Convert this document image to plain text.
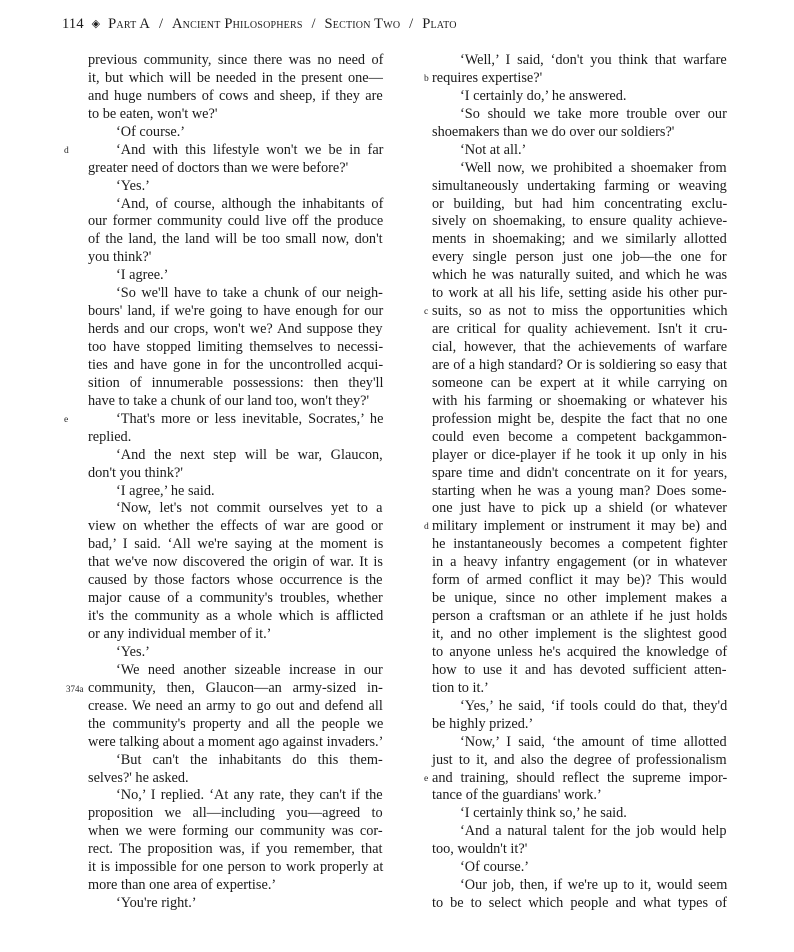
114 ◈ Part A / Ancient Philosophers / Section Two / Plato
previous community, since there was no need of
it, but which will be needed in the present one—
and huge numbers of cows and sheep, if they are
to be eaten, won't we?'
‘Of course.’
d	‘And with this lifestyle won't we be in far
greater need of doctors than we were before?'
‘Yes.’
‘And, of course, although the inhabitants of
our former community could live off the produce
of the land, the land will be too small now, don't
you think?'
‘I agree.’
‘So we'll have to take a chunk of our neigh-
bours' land, if we're going to have enough for our
herds and our crops, won't we? And suppose they
too have stopped limiting themselves to necessi-
ties and have gone in for the uncontrolled acqui-
sition of innumerable possessions: then they'll
have to take a chunk of our land too, won't they?'
e	‘That's more or less inevitable, Socrates,’ he
replied.
‘And the next step will be war, Glaucon,
don't you think?'
‘I agree,’ he said.
‘Now, let's not commit ourselves yet to a
view on whether the effects of war are good or
bad,’ I said. ‘All we're saying at the moment is
that we've now discovered the origin of war. It is
caused by those factors whose occurrence is the
major cause of a community's troubles, whether
it's the community as a whole which is afflicted
or any individual member of it.’
‘Yes.’
‘We need another sizeable increase in our
374a community, then, Glaucon—an army-sized in-
crease. We need an army to go out and defend all
the community's property and all the people we
were talking about a moment ago against invaders.’
‘But can't the inhabitants do this them-
selves?' he asked.
‘No,’ I replied. ‘At any rate, they can't if the
proposition we all—including you—agreed to
when we were forming our community was cor-
rect. The proposition was, if you remember, that
it is impossible for one person to work properly at
more than one area of expertise.’
‘You're right.’
‘Well,’ I said, ‘don't you think that warfare
b requires expertise?'
‘I certainly do,’ he answered.
‘So should we take more trouble over our
shoemakers than we do over our soldiers?'
‘Not at all.’
‘Well now, we prohibited a shoemaker from
simultaneously undertaking farming or weaving
or building, but had him concentrating exclu-
sively on shoemaking, to ensure quality achieve-
ments in shoemaking; and we similarly allotted
every single person just one job—the one for
which he was naturally suited, and which he was
to work at all his life, setting aside his other pur-
c suits, so as not to miss the opportunities which
are critical for quality achievement. Isn't it cru-
cial, however, that the achievements of warfare
are of a high standard? Or is soldiering so easy that
someone can be expert at it while carrying on
with his farming or shoemaking or whatever his
profession might be, despite the fact that no one
could even become a competent backgammon-
player or dice-player if he took it up only in his
spare time and didn't concentrate on it for years,
starting when he was a young man? Does some-
one just have to pick up a shield (or whatever
d military implement or instrument it may be) and
he instantaneously becomes a competent fighter
in a heavy infantry engagement (or in whatever
form of armed conflict it may be)? This would
be unique, since no other implement makes a
person a craftsman or an athlete if he just holds
it, and no other implement is the slightest good
to anyone unless he's acquired the knowledge of
how to use it and has devoted sufficient atten-
tion to it.’
‘Yes,’ he said, ‘if tools could do that, they'd
be highly prized.’
‘Now,’ I said, ‘the amount of time allotted
just to it, and also the degree of professionalism
e and training, should reflect the supreme impor-
tance of the guardians' work.’
‘I certainly think so,’ he said.
‘And a natural talent for the job would help
too, wouldn't it?'
‘Of course.’
‘Our job, then, if we're up to it, would seem
to be to select which people and what types of
